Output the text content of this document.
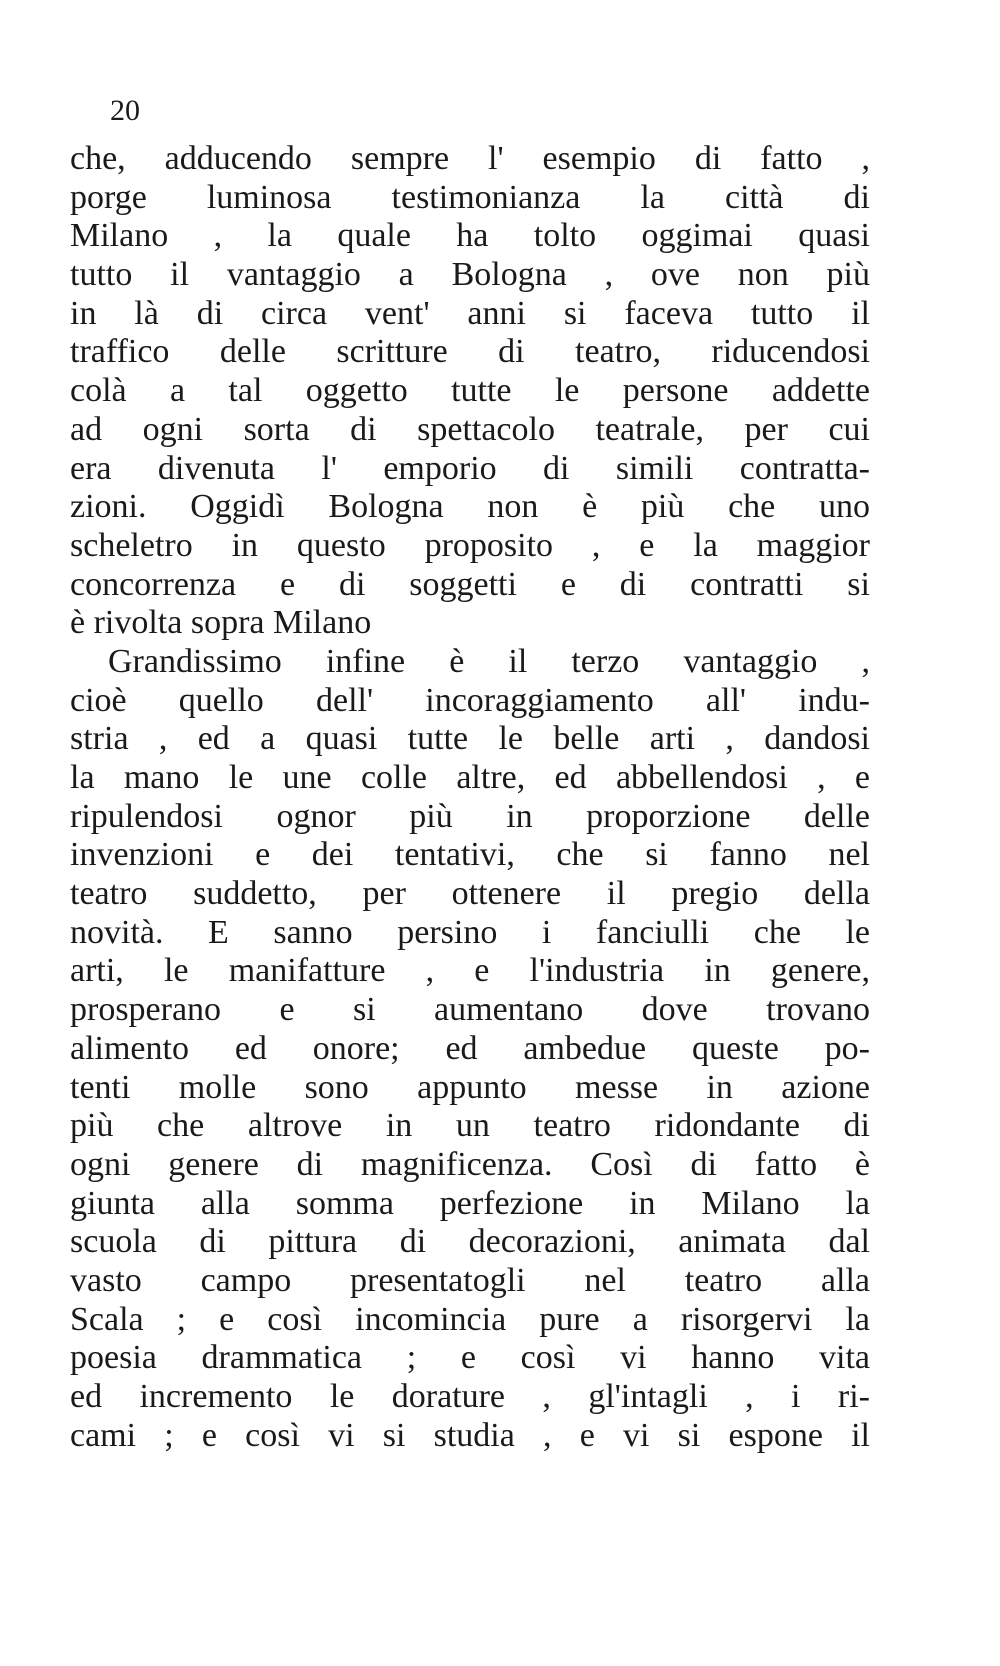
20
che, adducendo sempre l' esempio di fatto ,
porge luminosa testimonianza la città di
Milano , la quale ha tolto oggimai quasi
tutto il vantaggio a Bologna , ove non più
in là di circa vent' anni si faceva tutto il
traffico delle scritture di teatro, riducendosi
colà a tal oggetto tutte le persone addette
ad ogni sorta di spettacolo teatrale, per cui
era divenuta l' emporio di simili contratta-
zioni. Oggidì Bologna non è più che uno
scheletro in questo proposito , e la maggior
concorrenza e di soggetti e di contratti si
è rivolta sopra Milano
Grandissimo infine è il terzo vantaggio ,
cioè quello dell' incoraggiamento all' indu-
stria , ed a quasi tutte le belle arti , dandosi
la mano le une colle altre, ed abbellendosi , e
ripulendosi ognor più in proporzione delle
invenzioni e dei tentativi, che si fanno nel
teatro suddetto, per ottenere il pregio della
novità. E sanno persino i fanciulli che le
arti, le manifatture , e l'industria in genere,
prosperano e si aumentano dove trovano
alimento ed onore; ed ambedue queste po-
tenti molle sono appunto messe in azione
più che altrove in un teatro ridondante di
ogni genere di magnificenza. Così di fatto è
giunta alla somma perfezione in Milano la
scuola di pittura di decorazioni, animata dal
vasto campo presentatogli nel teatro alla
Scala ; e così incomincia pure a risorgervi la
poesia drammatica ; e così vi hanno vita
ed incremento le dorature , gl'intagli , i ri-
cami ; e così vi si studia , e vi si espone il
